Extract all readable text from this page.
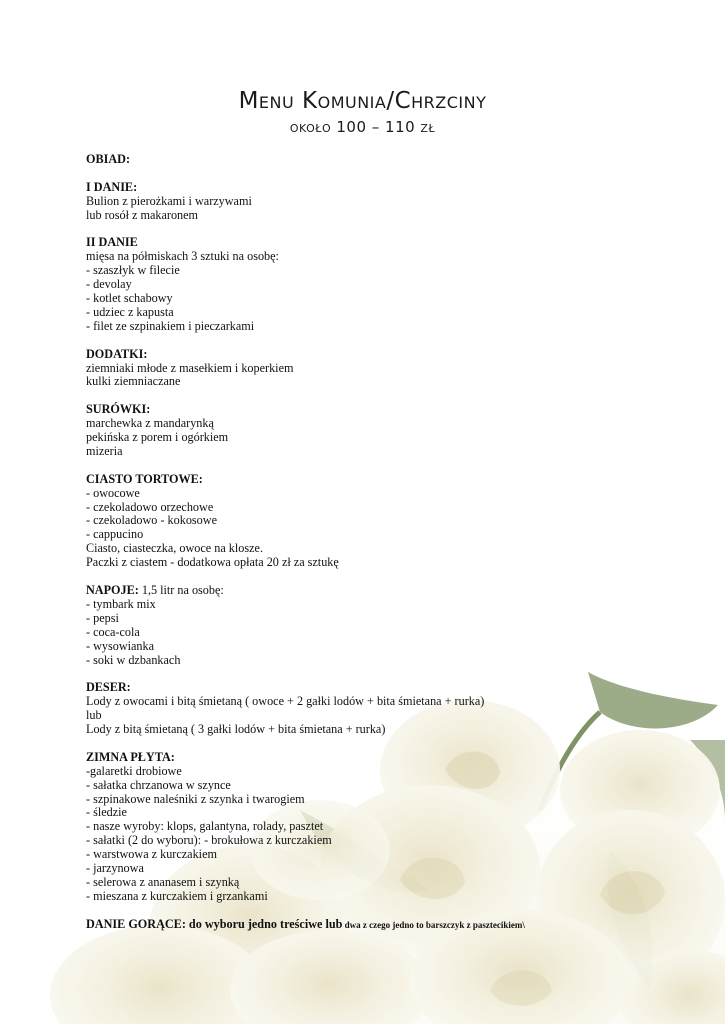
Menu Komunia/Chrzciny
około 100 – 110 zł
OBIAD:
I DANIE:
Bulion z pierożkami i warzywami
lub rosół z makaronem
II DANIE
mięsa na półmiskach 3 sztuki na osobę:
- szaszłyk w filecie
- devolay
- kotlet schabowy
- udziec z kapusta
- filet ze szpinakiem i pieczarkami
DODATKI:
ziemniaki młode z masełkiem i koperkiem
kulki ziemniaczane
SURÓWKI:
marchewka z mandarynką
pekińska z porem i ogórkiem
mizeria
CIASTO TORTOWE:
- owocowe
- czekoladowo orzechowe
- czekoladowo - kokosowe
- cappucino
Ciasto, ciasteczka, owoce na klosze.
Paczki z ciastem - dodatkowa opłata 20 zł za sztukę
NAPOJE: 1,5 litr na osobę:
- tymbark mix
- pepsi
- coca-cola
- wysowianka
- soki w dzbankach
DESER:
Lody z owocami i bitą śmietaną ( owoce + 2 gałki lodów + bita śmietana + rurka)
lub
Lody z bitą śmietaną ( 3 gałki lodów + bita śmietana + rurka)
ZIMNA PŁYTA:
-galaretki drobiowe
- sałatka chrzanowa w szynce
- szpinakowe naleśniki z szynka i twarogiem
- śledzie
- nasze wyroby: klops, galantyna, rolady, pasztet
- sałatki (2 do wyboru): - brokułowa z kurczakiem
- warstwowa z kurczakiem
- jarzynowa
- selerowa z ananasem i szynką
- mieszana z kurczakiem i grzankami
DANIE GORĄCE: do wyboru jedno treściwe lub dwa z czego jedno to barszczyk z pasztecikiem\
